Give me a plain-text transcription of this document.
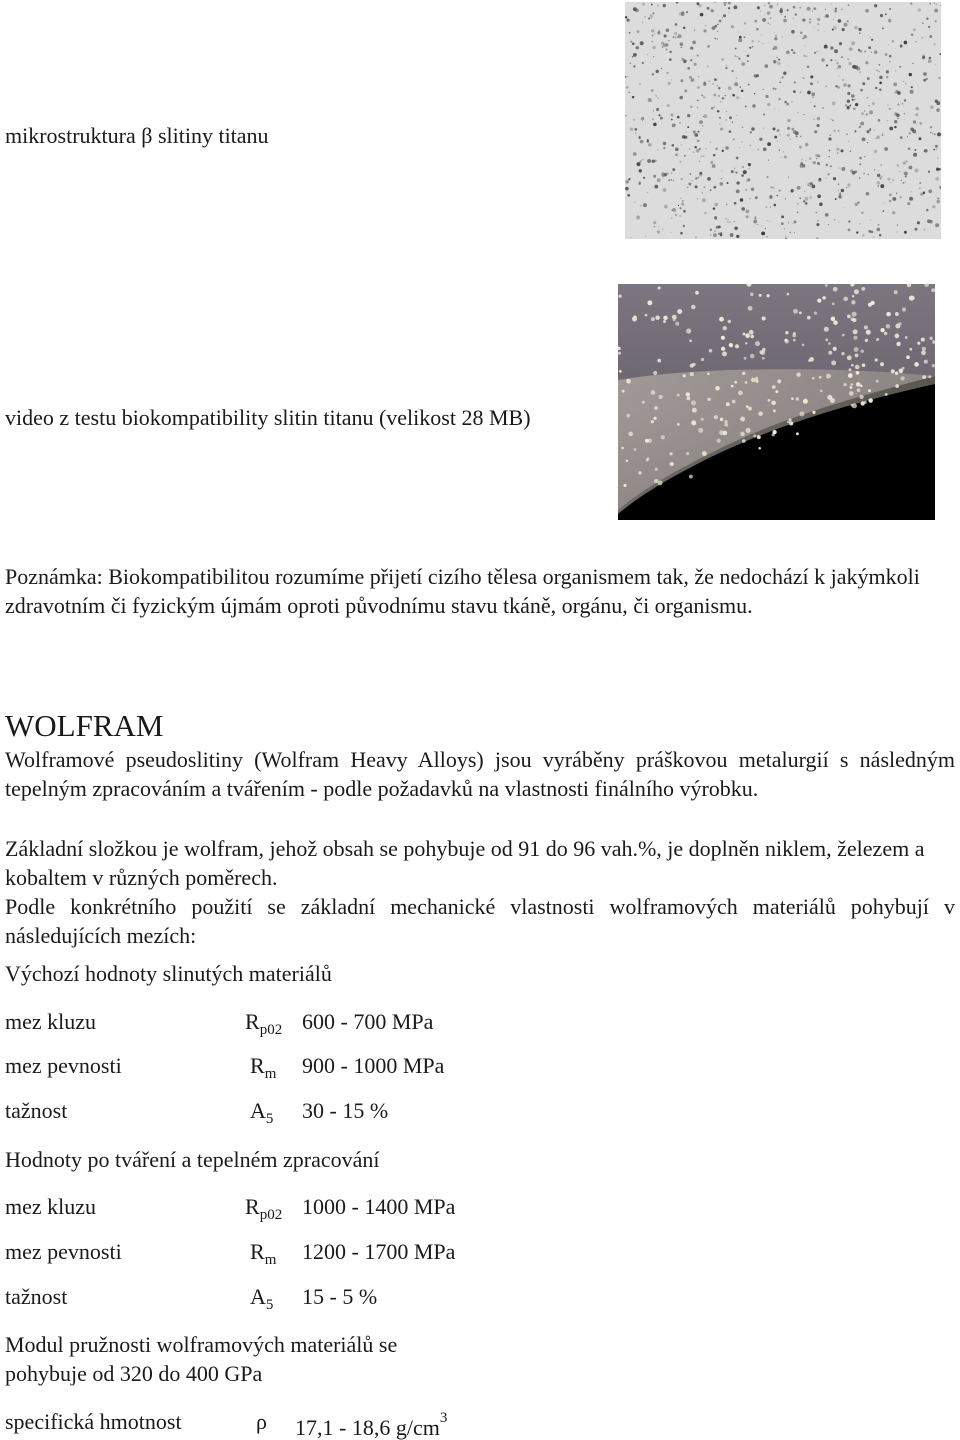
mikrostruktura β slitiny titanu
video z testu biokompatibility slitin titanu (velikost 28 MB)
Poznámka: Biokompatibilitou rozumíme přijetí cizího tělesa organismem tak, že nedochází k jakýmkoli zdravotním či fyzickým újmám oproti původnímu stavu tkáně, orgánu, či organismu.
WOLFRAM
Wolframové pseudoslitiny (Wolfram Heavy Alloys) jsou vyráběny práškovou metalurgií s následným tepelným zpracováním a tvářením - podle požadavků na vlastnosti finálního výrobku.
Základní složkou je wolfram, jehož obsah se pohybuje od 91 do 96 vah.%, je doplněn niklem, železem a kobaltem v různých poměrech.
Podle konkrétního použití se základní mechanické vlastnosti wolframových materiálů pohybují v následujících mezích:
Výchozí hodnoty slinutých materiálů
mez kluzu	$R_{p02}$ 600 - 700 MPa
mez pevnosti	$R_m$ 900 - 1000 MPa
tažnost	$A_5$ 30 - 15 %
Hodnoty po tváření a tepelném zpracování
mez kluzu	$R_{p02}$ 1000 - 1400 MPa
mez pevnosti	$R_m$ 1200 - 1700 MPa
tažnost	$A_5$ 15 - 5 %
Modul pružnosti wolframových materiálů se
pohybuje od 320 do 400 GPa
specifická hmotnost	ρ 17,1 - 18,6 $g/cm^3$
